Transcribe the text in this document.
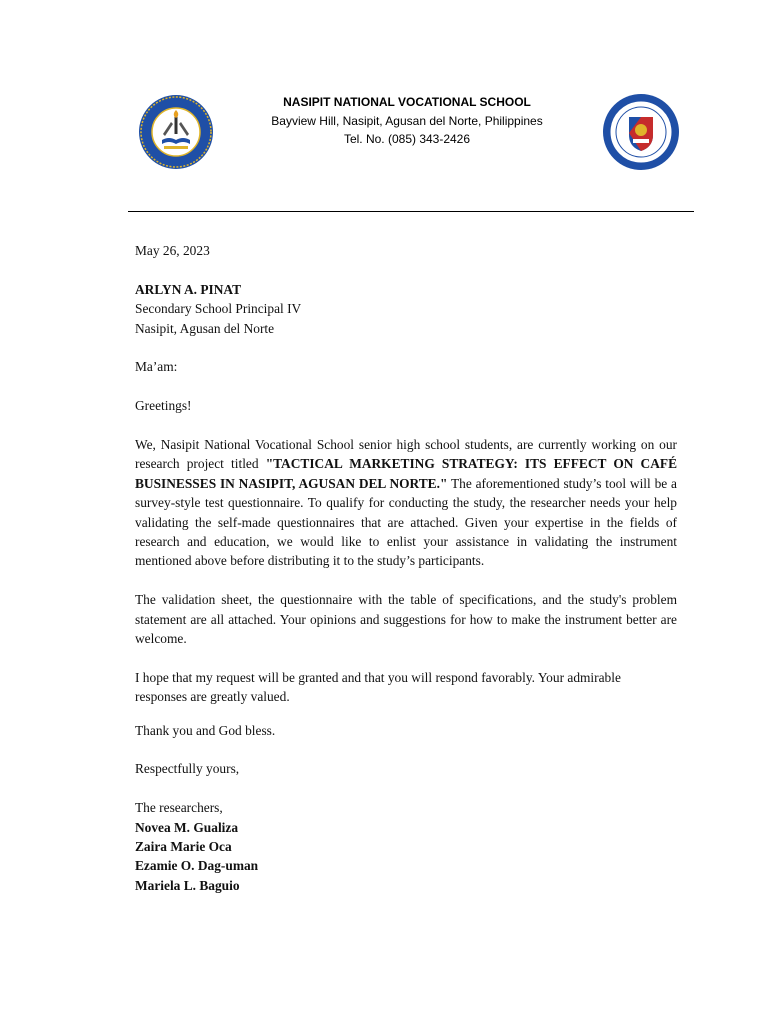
NASIPIT NATIONAL VOCATIONAL SCHOOL
Bayview Hill, Nasipit, Agusan del Norte, Philippines
Tel. No. (085) 343-2426

May 26, 2023

ARLYN A. PINAT

Secondary School Principal IV

Nasipit, Agusan del Norte

Ma’am:

Greetings!

We, Nasipit National Vocational School senior high school students, are currently working on our research project titled "TACTICAL MARKETING STRATEGY: ITS EFFECT ON CAFÉ BUSINESSES IN NASIPIT, AGUSAN DEL NORTE." The aforementioned study’s tool will be a survey-style test questionnaire. To qualify for conducting the study, the researcher needs your help validating the self-made questionnaires that are attached. Given your expertise in the fields of research and education, we would like to enlist your assistance in validating the instrument mentioned above before distributing it to the study’s participants.

The validation sheet, the questionnaire with the table of specifications, and the study's problem statement are all attached. Your opinions and suggestions for how to make the instrument better are welcome.

I hope that my request will be granted and that you will respond favorably. Your admirable

responses are greatly valued.

Thank you and God bless.

Respectfully yours,

The researchers,

Novea M. Gualiza

Zaira Marie Oca

Ezamie O. Dag-uman

Mariela L. Baguio
